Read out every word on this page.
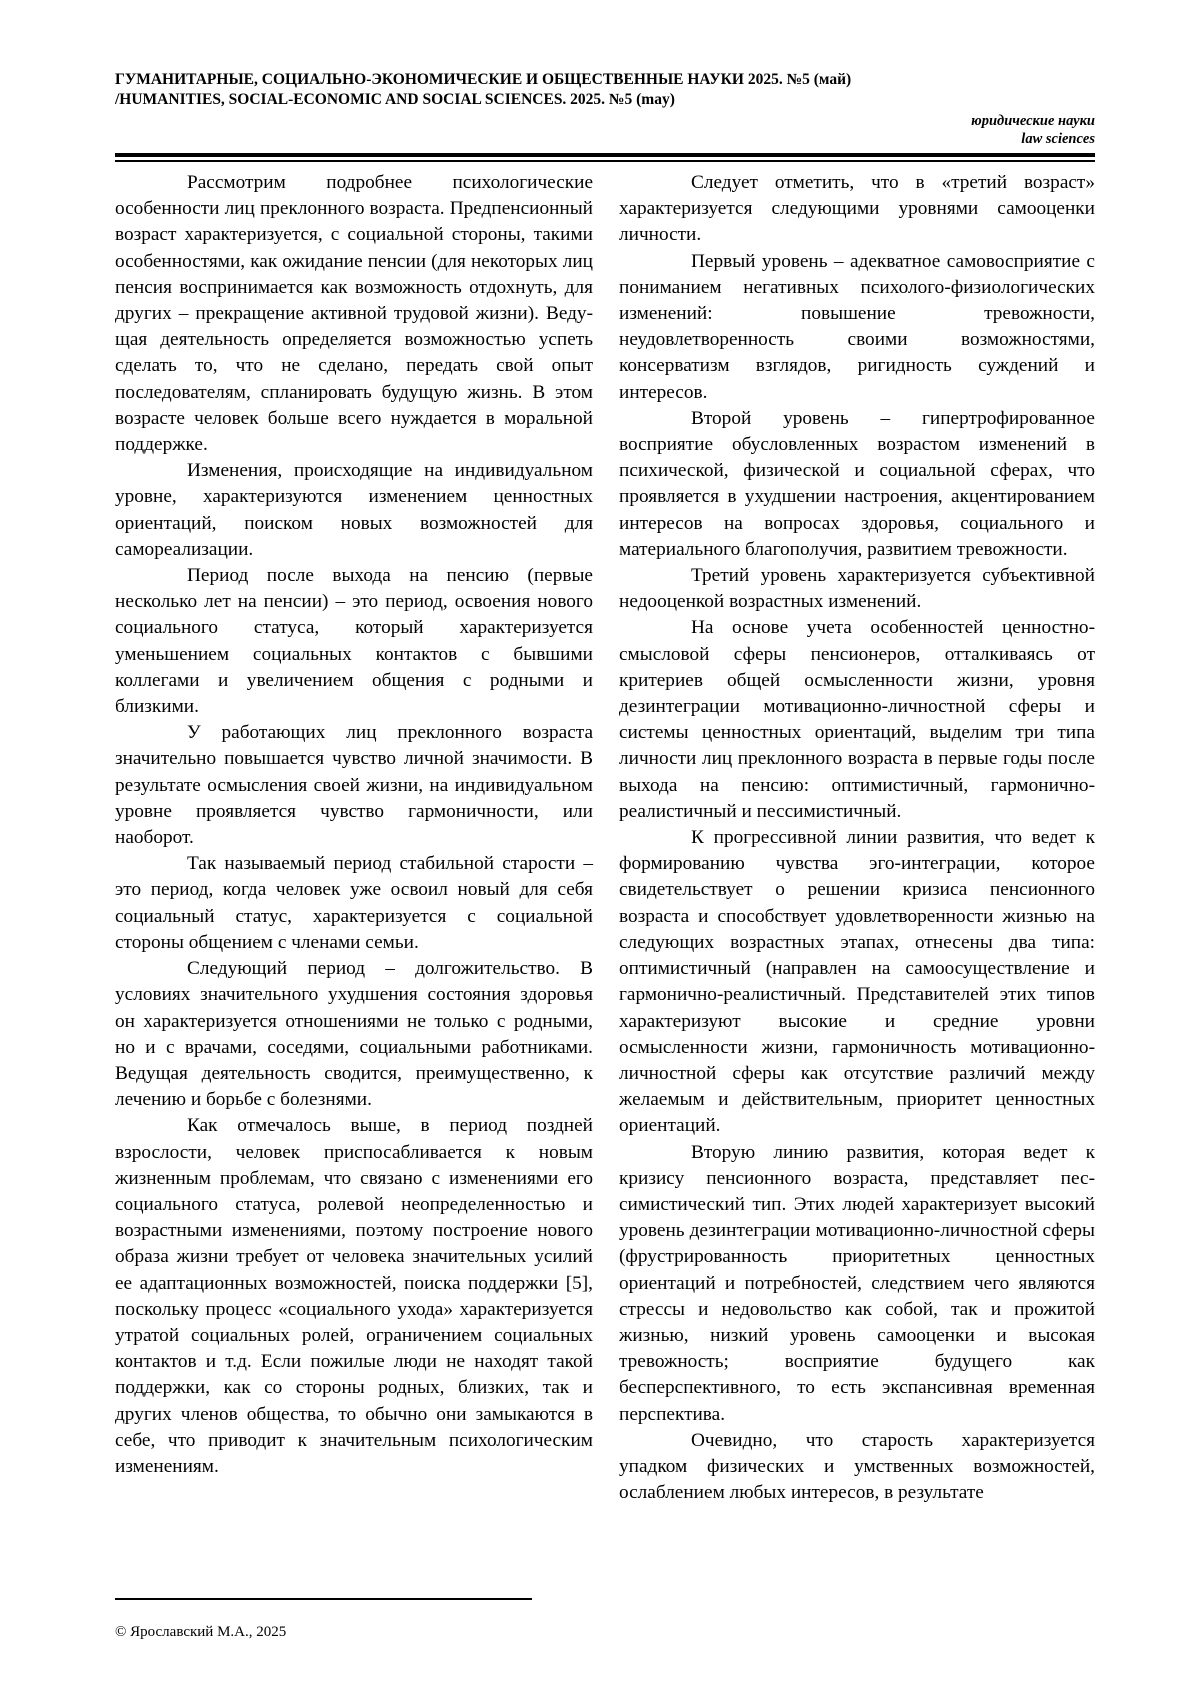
ГУМАНИТАРНЫЕ, СОЦИАЛЬНО-ЭКОНОМИЧЕСКИЕ И ОБЩЕСТВЕННЫЕ НАУКИ 2025. №5 (май)
/HUMANITIES, SOCIAL-ECONOMIC AND SOCIAL SCIENCES. 2025. №5 (may)
юридические науки
law sciences

Рассмотрим подробнее психологические особенности лиц преклонного возраста. Предпенсионный возраст характеризуется, с социальной стороны, такими особенностями, как ожидание пенсии (для некоторых лиц пенсия воспринимается как возможность отдохнуть, для других – прекращение активной трудовой жизни). Ведущая деятельность определяется возможностью успеть сделать то, что не сделано, передать свой опыт последователям, спланировать будущую жизнь. В этом возрасте человек больше всего нуждается в моральной поддержке.

Изменения, происходящие на индивидуальном уровне, характеризуются изменением ценностных ориентаций, поиском новых возможностей для самореализации.

Период после выхода на пенсию (первые несколько лет на пенсии) – это период, освоения нового социального статуса, который характеризуется уменьшением социальных контактов с бывшими коллегами и увеличением общения с родными и близкими.

У работающих лиц преклонного возраста значительно повышается чувство личной значимости. В результате осмысления своей жизни, на индивидуальном уровне проявляется чувство гармоничности, или наоборот.

Так называемый период стабильной старости – это период, когда человек уже освоил новый для себя социальный статус, характеризуется с социальной стороны общением с членами семьи.

Следующий период – долгожительство. В условиях значительного ухудшения состояния здоровья он характеризуется отношениями не только с родными, но и с врачами, соседями, социальными работниками. Ведущая деятельность сводится, преимущественно, к лечению и борьбе с болезнями.

Как отмечалось выше, в период поздней взрослости, человек приспосабливается к новым жизненным проблемам, что связано с изменениями его социального статуса, ролевой неопределенностью и возрастными изменениями, поэтому построение нового образа жизни требует от человека значительных усилий ее адаптационных возможностей, поиска поддержки [5], поскольку процесс «социального ухода» характеризуется утратой социальных ролей, ограничением социальных контактов и т.д. Если пожилые люди не находят такой поддержки, как со стороны родных, близких, так и других членов общества, то обычно они замыкаются в себе, что приводит к значительным психологическим изменениям.

Следует отметить, что в «третий возраст» характеризуется следующими уровнями самооценки личности.

Первый уровень – адекватное самовосприятие с пониманием негативных психолого-физиологических изменений: повышение тревожности, неудовлетворенность своими возможностями, консерватизм взглядов, ригидность суждений и интересов.

Второй уровень – гипертрофированное восприятие обусловленных возрастом изменений в психической, физической и социальной сферах, что проявляется в ухудшении настроения, акцентированием интересов на вопросах здоровья, социального и материального благополучия, развитием тревожности.

Третий уровень характеризуется субъективной недооценкой возрастных изменений.

На основе учета особенностей ценностно-смысловой сферы пенсионеров, отталкиваясь от критериев общей осмысленности жизни, уровня дезинтеграции мотивационно-личностной сферы и системы ценностных ориентаций, выделим три типа личности лиц преклонного возраста в первые годы после выхода на пенсию: оптимистичный, гармонично-реалистичный и пессимистичный.

К прогрессивной линии развития, что ведет к формированию чувства эго-интеграции, которое свидетельствует о решении кризиса пенсионного возраста и способствует удовлетворенности жизнью на следующих возрастных этапах, отнесены два типа: оптимистичный (направлен на самоосуществление и гармонично-реалистичный. Представителей этих типов характеризуют высокие и средние уровни осмысленности жизни, гармоничность мотивационно-личностной сферы как отсутствие различий между желаемым и действительным, приоритет ценностных ориентаций.

Вторую линию развития, которая ведет к кризису пенсионного возраста, представляет пессимистический тип. Этих людей характеризует высокий уровень дезинтеграции мотивационно-личностной сферы (фрустрированность приоритетных ценностных ориентаций и потребностей, следствием чего являются стрессы и недовольство как собой, так и прожитой жизнью, низкий уровень самооценки и высокая тревожность; восприятие будущего как бесперспективного, то есть экспансивная временная перспектива.

Очевидно, что старость характеризуется упадком физических и умственных возможностей, ослаблением любых интересов, в результате

© Ярославский М.А., 2025
